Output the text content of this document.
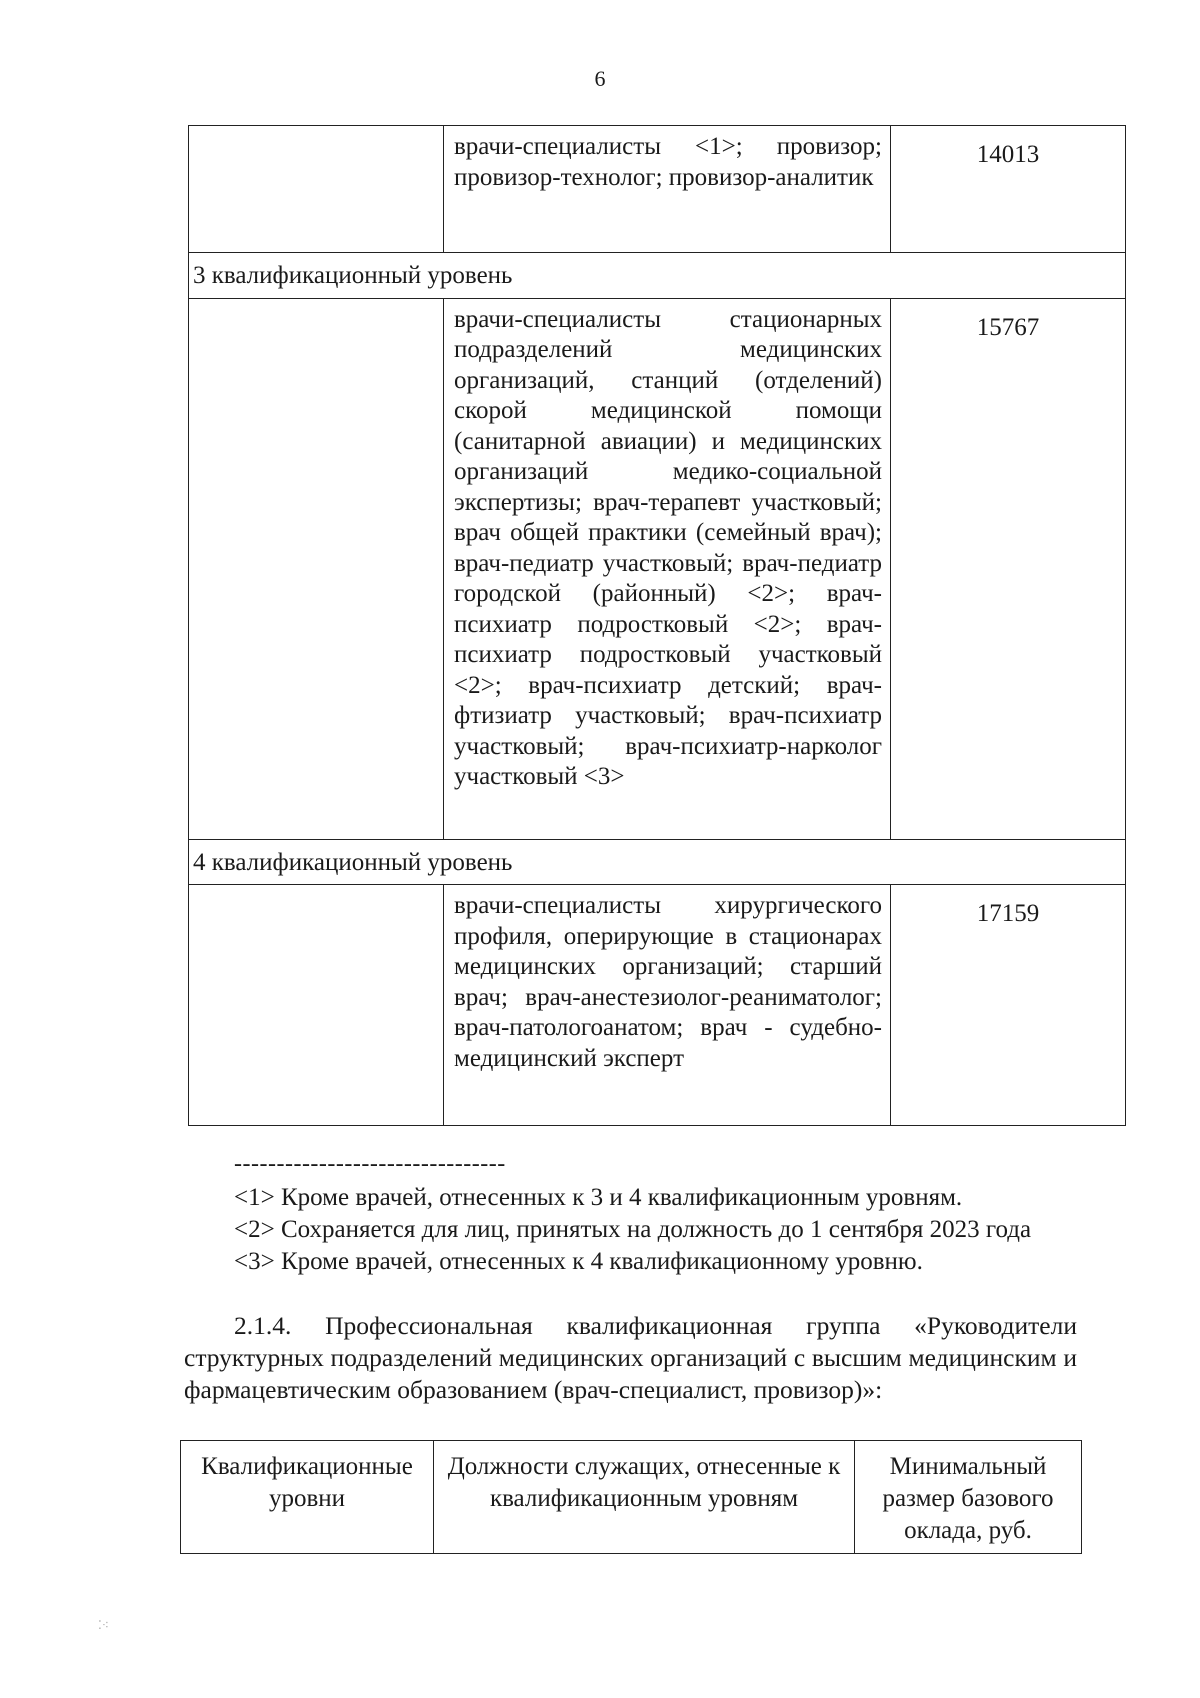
6
	врачи-специалисты <1>; провизор; провизор-технолог; провизор-аналитик	14013
3 квалификационный уровень		
	врачи-специалисты стационарных подразделений медицинских организаций, станций (отделений) скорой медицинской помощи (санитарной авиации) и медицинских организаций медико-социальной экспертизы; врач-терапевт участковый; врач общей практики (семейный врач); врач-педиатр участковый; врач-педиатр городской (районный) <2>; врач-психиатр подростковый <2>; врач-психиатр подростковый участковый <2>; врач-психиатр детский; врач-фтизиатр участковый; врач-психиатр участковый; врач-психиатр-нарколог участковый <3>	15767
4 квалификационный уровень		
	врачи-специалисты хирургического профиля, оперирующие в стационарах медицинских организаций; старший врач; врач-анестезиолог-реаниматолог; врач-патологоанатом; врач - судебно-медицинский эксперт	17159
--------------------------------
<1> Кроме врачей, отнесенных к 3 и 4 квалификационным уровням.
<2> Сохраняется для лиц, принятых на должность до 1 сентября 2023 года
<3> Кроме врачей, отнесенных к 4 квалификационному уровню.
2.1.4. Профессиональная квалификационная группа «Руководители структурных подразделений медицинских организаций с высшим медицинским и фармацевтическим образованием (врач-специалист, провизор)»:
Квалификационные уровни	Должности служащих, отнесенные к квалификационным уровням	Минимальный размер базового оклада, руб.
⁚⁖
